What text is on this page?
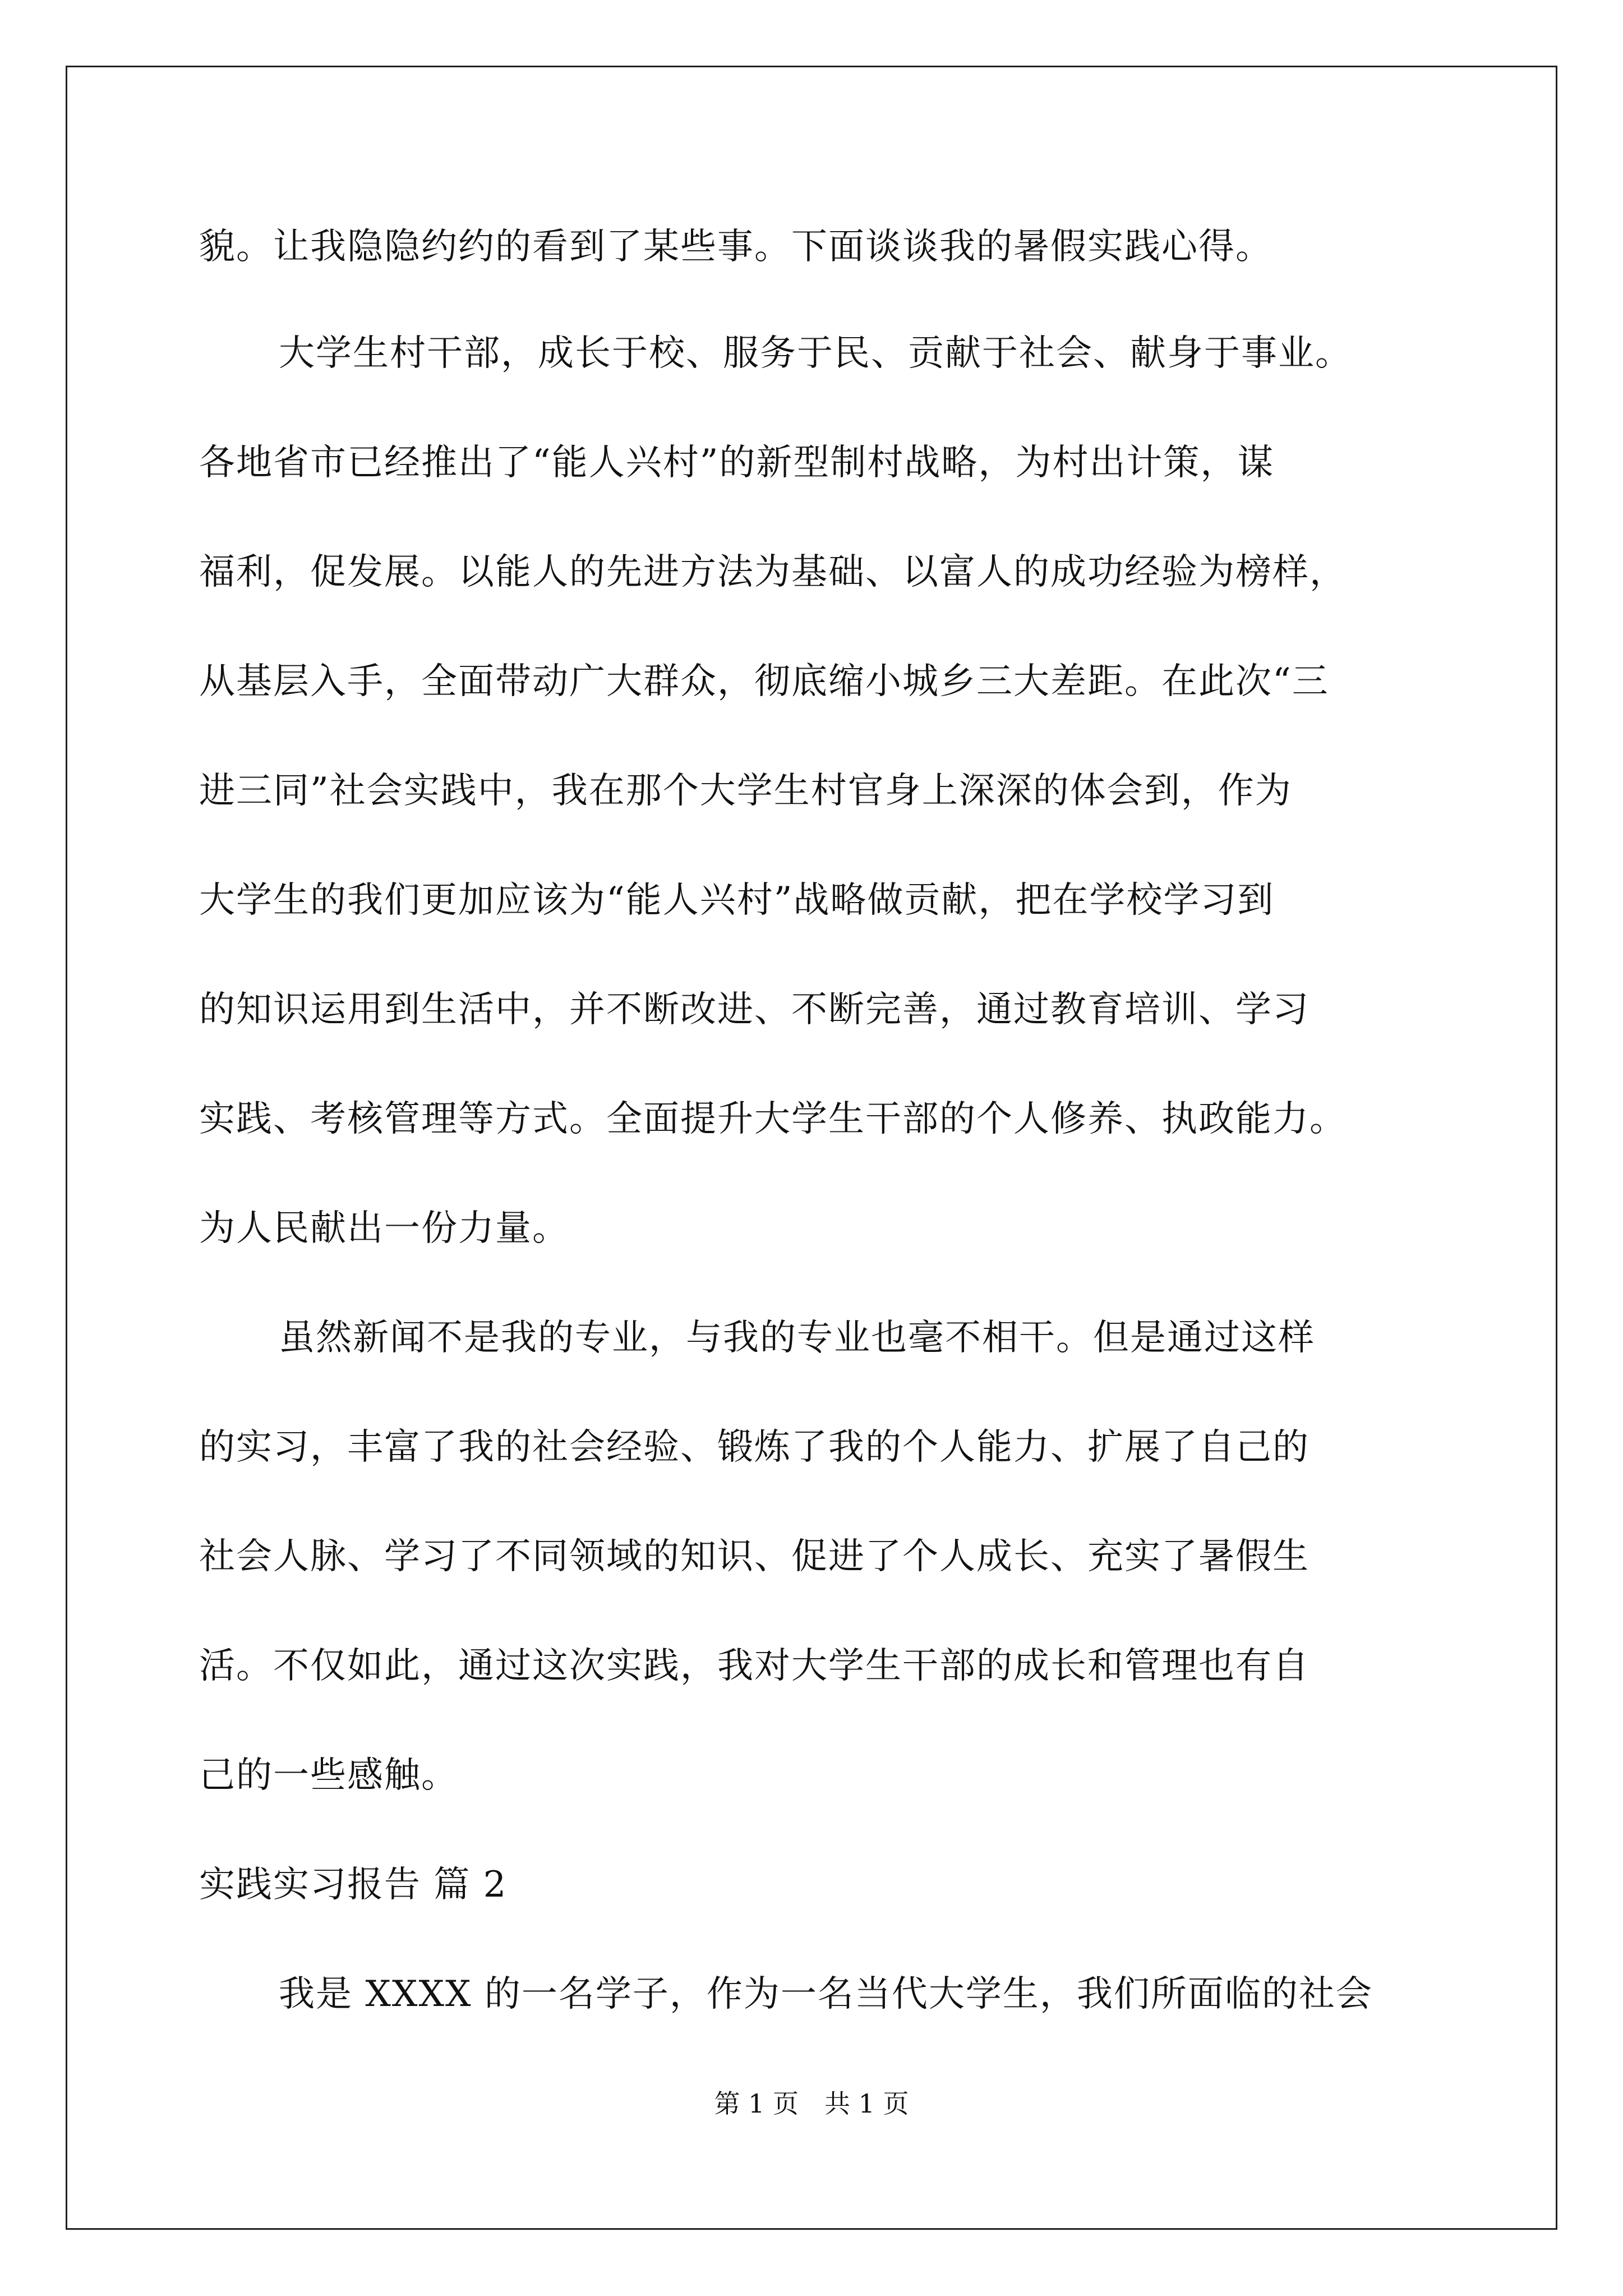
貌。让我隐隐约约的看到了某些事。下面谈谈我的暑假实践心得。
大学生村干部，成长于校、服务于民、贡献于社会、献身于事业。
各地省市已经推出了“能人兴村”的新型制村战略，为村出计策，谋
福利，促发展。以能人的先进方法为基础、以富人的成功经验为榜样，
从基层入手，全面带动广大群众，彻底缩小城乡三大差距。在此次“三
进三同”社会实践中，我在那个大学生村官身上深深的体会到，作为
大学生的我们更加应该为“能人兴村”战略做贡献，把在学校学习到
的知识运用到生活中，并不断改进、不断完善，通过教育培训、学习
实践、考核管理等方式。全面提升大学生干部的个人修养、执政能力。
为人民献出一份力量。
虽然新闻不是我的专业，与我的专业也毫不相干。但是通过这样
的实习，丰富了我的社会经验、锻炼了我的个人能力、扩展了自己的
社会人脉、学习了不同领域的知识、促进了个人成长、充实了暑假生
活。不仅如此，通过这次实践，我对大学生干部的成长和管理也有自
己的一些感触。
实践实习报告 篇 2
我是 XXXX 的一名学子，作为一名当代大学生，我们所面临的社会
第 1 页　共 1 页
